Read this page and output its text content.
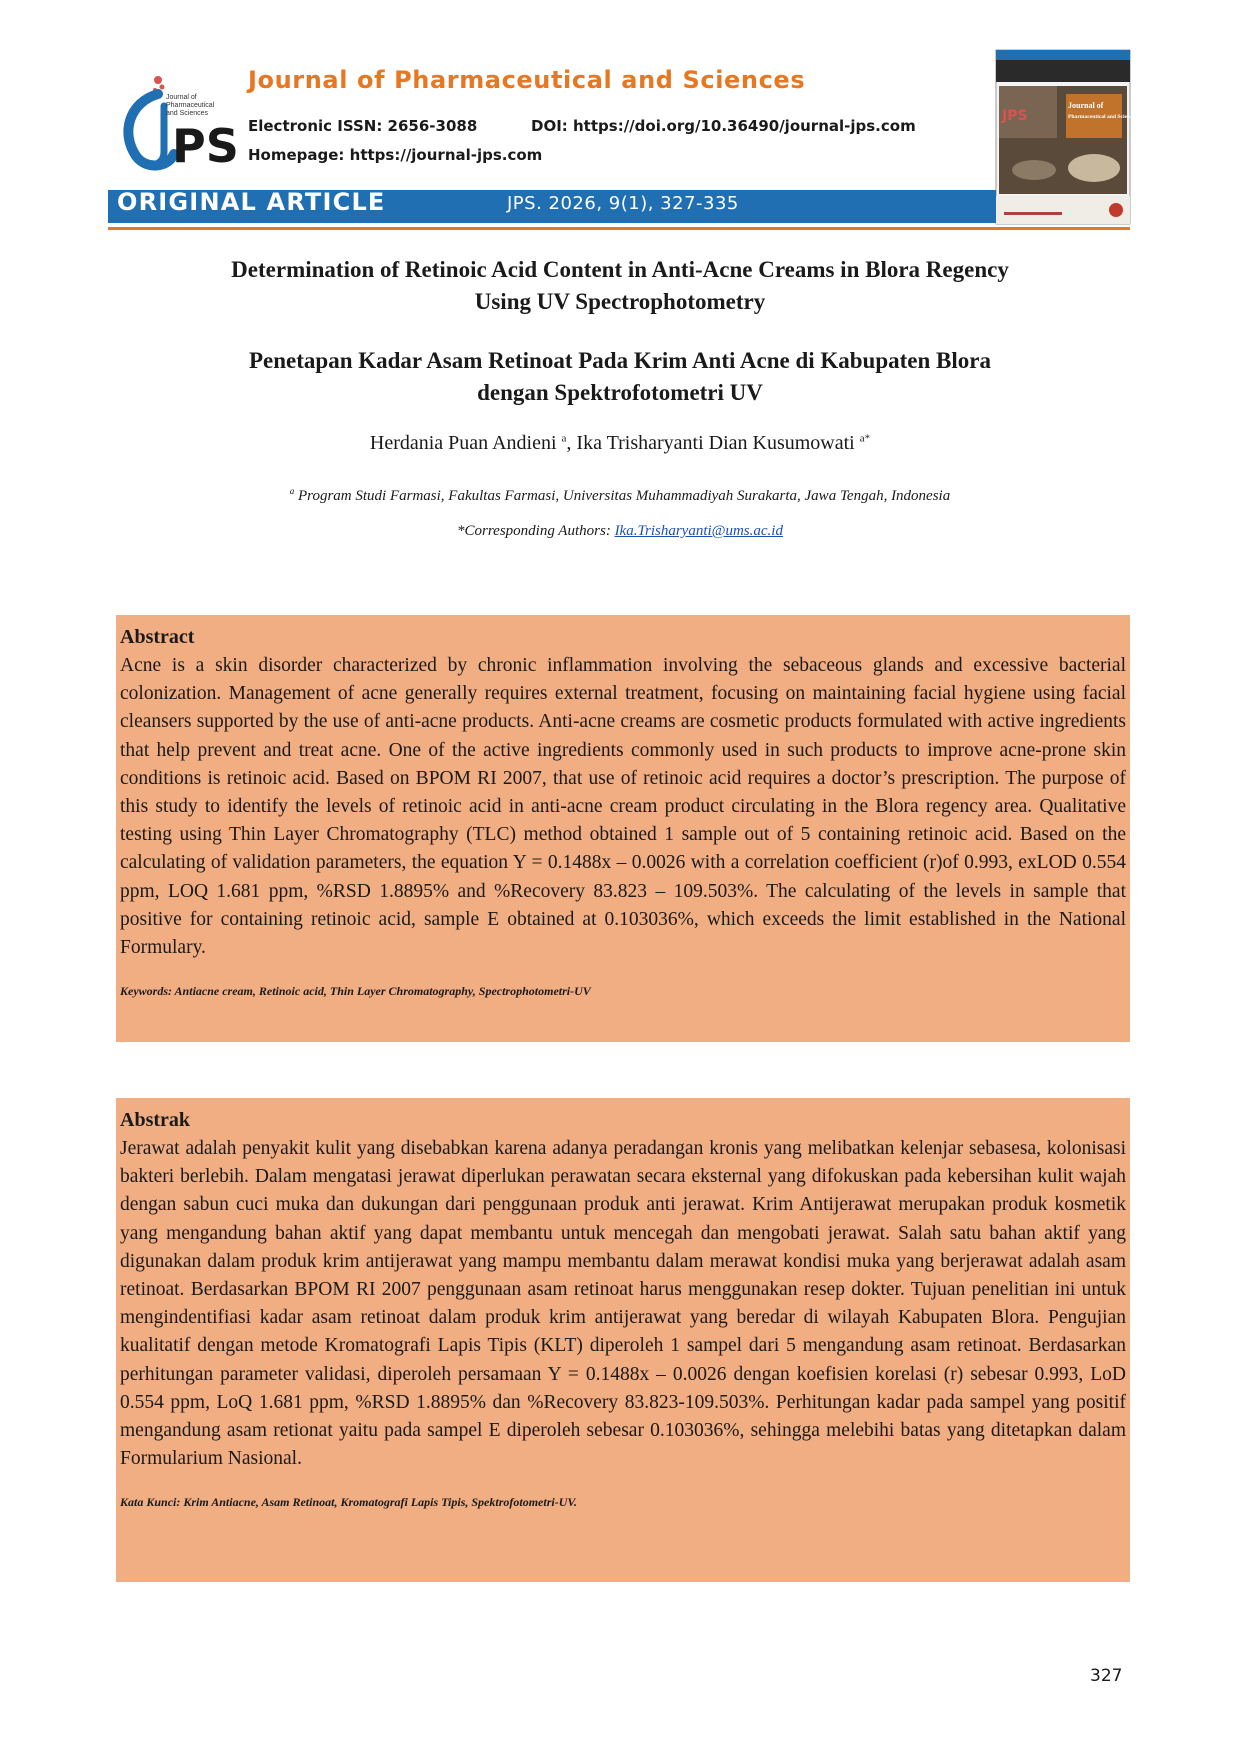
PS
Journal of Pharmaceutical and Sciences
Journal of Pharmaceutical and Sciences
Electronic ISSN: 2656-3088	DOI: https://doi.org/10.36490/journal-jps.com
Homepage: https://journal-jps.com
JPS
Journal of
Pharmaceutical and Sciences
ORIGINAL ARTICLE	JPS. 2026, 9(1), 327-335
Determination of Retinoic Acid Content in Anti-Acne Creams in Blora Regency
Using UV Spectrophotometry
Penetapan Kadar Asam Retinoat Pada Krim Anti Acne di Kabupaten Blora
dengan Spektrofotometri UV
Herdania Puan Andieni $^a$, Ika Trisharyanti Dian Kusumowati $^{a*}$
$^a$ Program Studi Farmasi, Fakultas Farmasi, Universitas Muhammadiyah Surakarta, Jawa Tengah, Indonesia
*Corresponding Authors: Ika.Trisharyanti@ums.ac.id

Abstract

Acne is a skin disorder characterized by chronic inflammation involving the sebaceous glands and excessive bacterial colonization. Management of acne generally requires external treatment, focusing on maintaining facial hygiene using facial cleansers supported by the use of anti-acne products. Anti-acne creams are cosmetic products formulated with active ingredients that help prevent and treat acne. One of the active ingredients commonly used in such products to improve acne-prone skin conditions is retinoic acid. Based on BPOM RI 2007, that use of retinoic acid requires a doctor’s prescription. The purpose of this study to identify the levels of retinoic acid in anti-acne cream product circulating in the Blora regency area. Qualitative testing using Thin Layer Chromatography (TLC) method obtained 1 sample out of 5 containing retinoic acid. Based on the calculating of validation parameters, the equation Y = 0.1488x – 0.0026 with a correlation coefficient (r)of 0.993, exLOD 0.554 ppm, LOQ 1.681 ppm, %RSD 1.8895% and %Recovery 83.823 – 109.503%. The calculating of the levels in sample that positive for containing retinoic acid, sample E obtained at 0.103036%, which exceeds the limit established in the National Formulary.

Keywords: Antiacne cream, Retinoic acid, Thin Layer Chromatography, Spectrophotometri-UV

Abstrak

Jerawat adalah penyakit kulit yang disebabkan karena adanya peradangan kronis yang melibatkan kelenjar sebasesa, kolonisasi bakteri berlebih. Dalam mengatasi jerawat diperlukan perawatan secara eksternal yang difokuskan pada kebersihan kulit wajah dengan sabun cuci muka dan dukungan dari penggunaan produk anti jerawat. Krim Antijerawat merupakan produk kosmetik yang mengandung bahan aktif yang dapat membantu untuk mencegah dan mengobati jerawat. Salah satu bahan aktif yang digunakan dalam produk krim antijerawat yang mampu membantu dalam merawat kondisi muka yang berjerawat adalah asam retinoat. Berdasarkan BPOM RI 2007 penggunaan asam retinoat harus menggunakan resep dokter. Tujuan penelitian ini untuk mengindentifiasi kadar asam retinoat dalam produk krim antijerawat yang beredar di wilayah Kabupaten Blora. Pengujian kualitatif dengan metode Kromatografi Lapis Tipis (KLT) diperoleh 1 sampel dari 5 mengandung asam retinoat. Berdasarkan perhitungan parameter validasi, diperoleh persamaan Y = 0.1488x – 0.0026 dengan koefisien korelasi (r) sebesar 0.993, LoD 0.554 ppm, LoQ 1.681 ppm, %RSD 1.8895% dan %Recovery 83.823-109.503%. Perhitungan kadar pada sampel yang positif mengandung asam retionat yaitu pada sampel E diperoleh sebesar 0.103036%, sehingga melebihi batas yang ditetapkan dalam Formularium Nasional.

Kata Kunci: Krim Antiacne, Asam Retinoat, Kromatografi Lapis Tipis, Spektrofotometri-UV.

327
